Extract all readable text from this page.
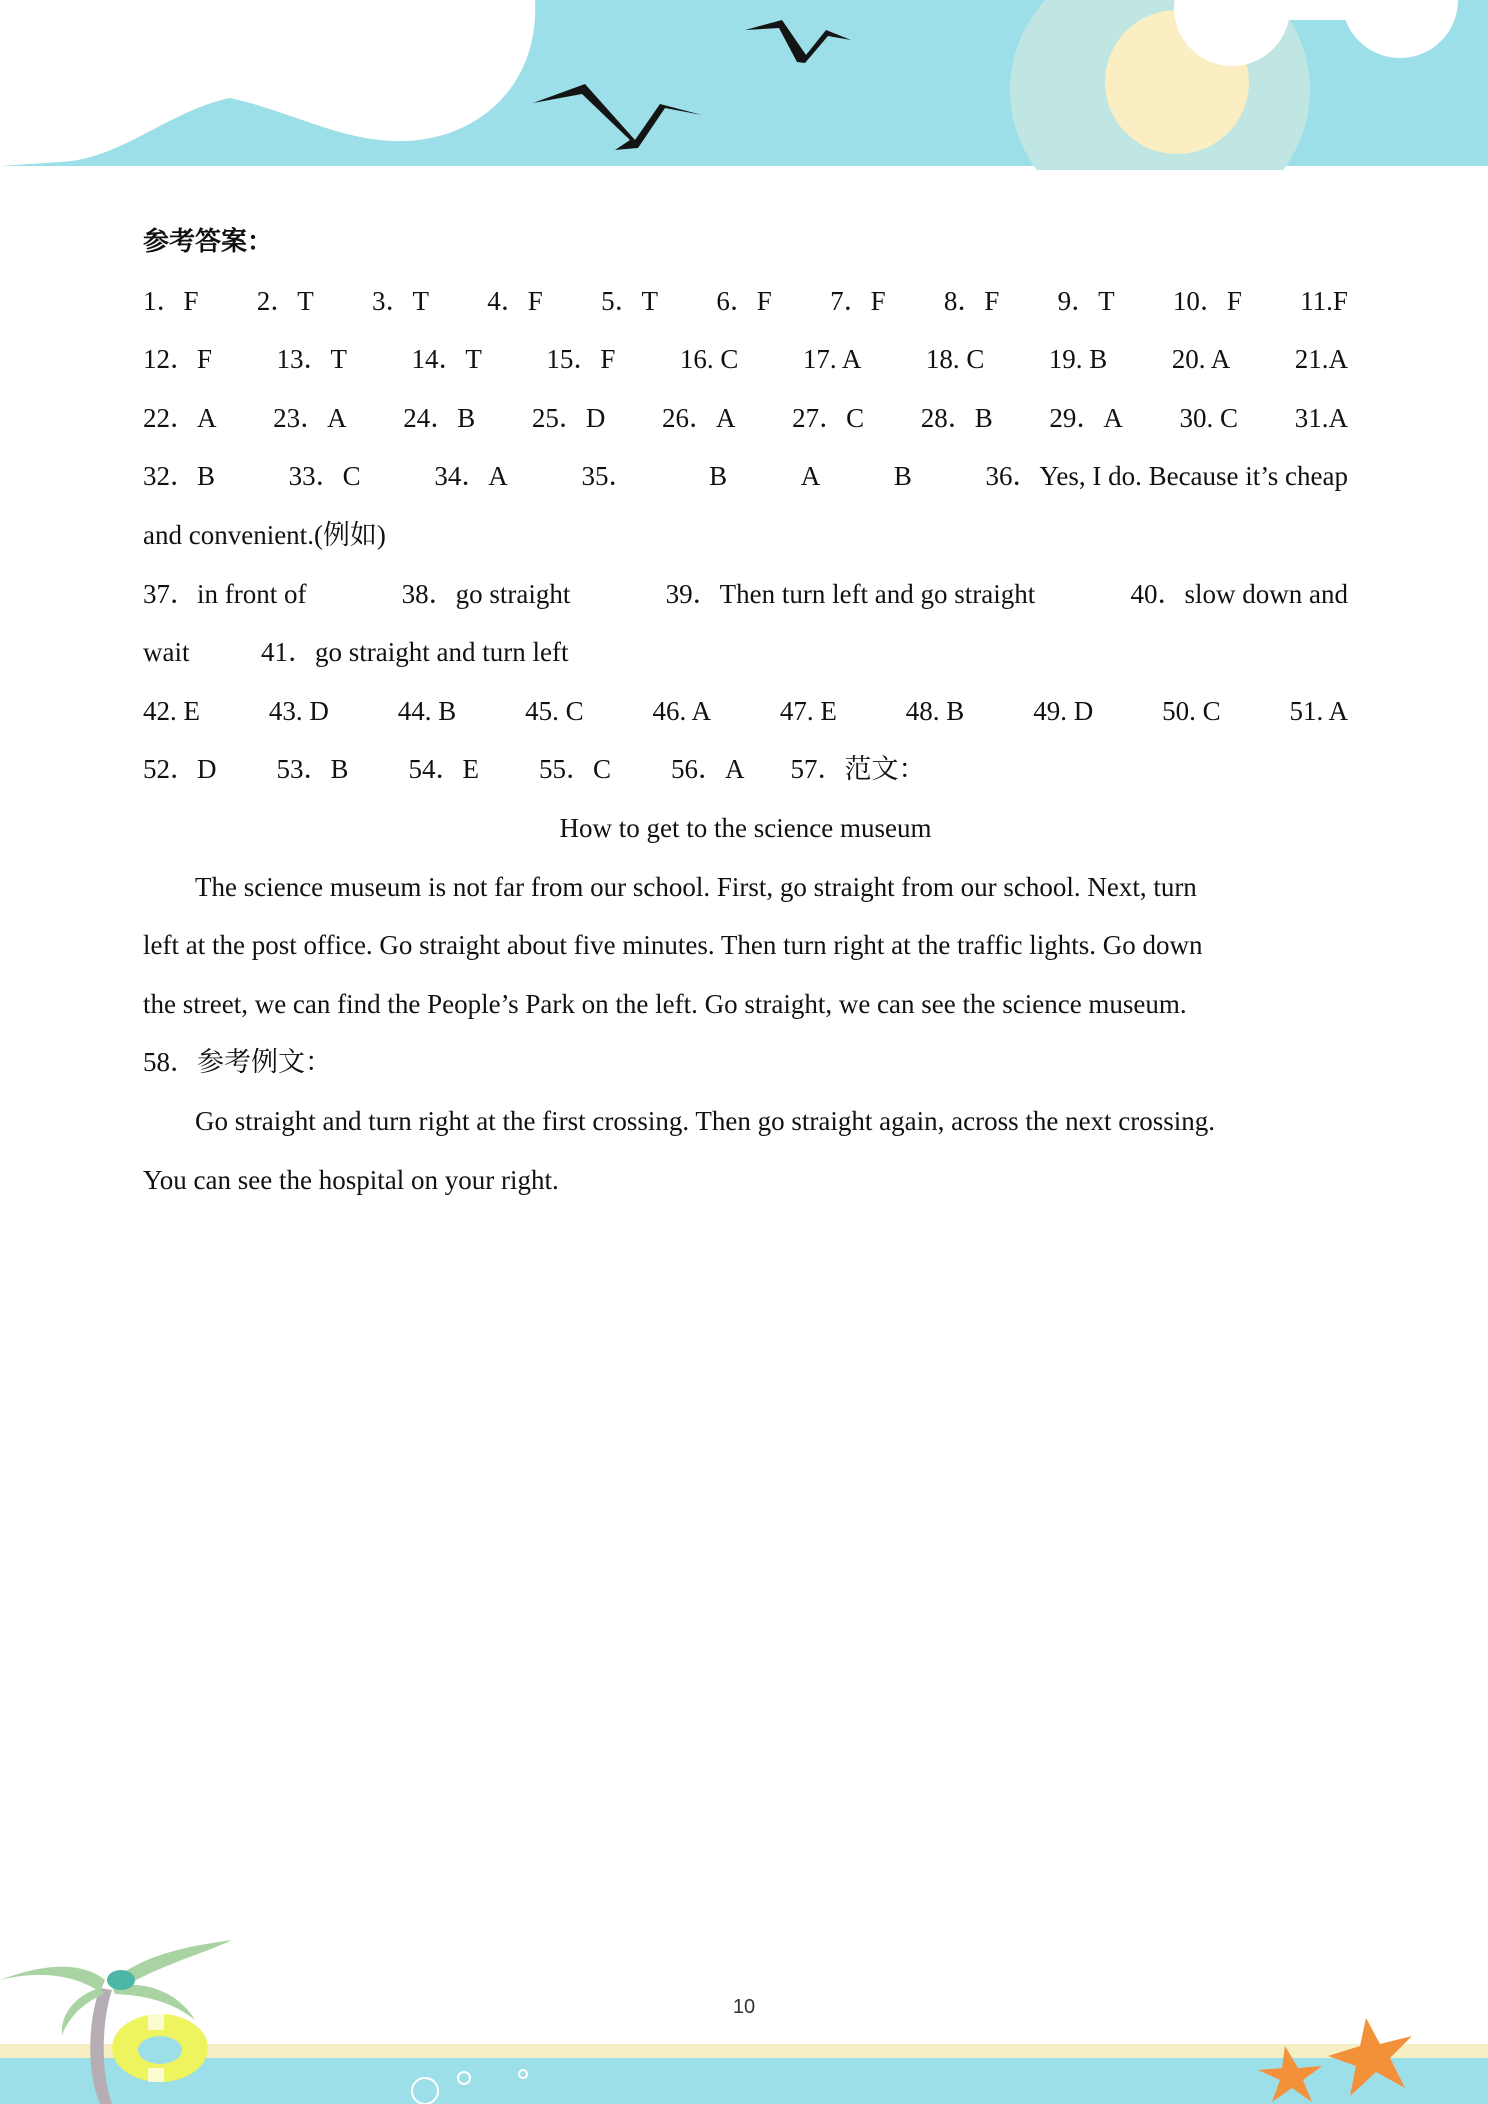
参考答案：
1．F 2．T 3．T 4．F 5．T 6．F 7．F 8．F 9．T 10．F 11.F
12．F 13．T 14．T 15．F 16. C 17. A 18. C 19. B 20. A 21.A
22．A 23．A 24．B 25．D 26．A 27．C 28．B 29．A 30. C 31.A
32．B	33．C	34．A	35．	B	A	B	36．Yes, I do. Because it’s cheap
and convenient.(例如)
37．in front of	38．go straight	39．Then turn left and go straight	40．slow down and
wait	41．go straight and turn left
42. E	43. D	44. B	45. C	46. A	47. E	48. B	49. D	50. C	51. A
52．D 53．B 54．E 55．C 56．A 57．范文：
How to get to the science museum
The science museum is not far from our school. First, go straight from our school. Next, turn
left at the post office. Go straight about five minutes. Then turn right at the traffic lights. Go down
the street, we can find the People’s Park on the left. Go straight, we can see the science museum.
58．参考例文：
Go straight and turn right at the first crossing. Then go straight again, across the next crossing.
You can see the hospital on your right.
10
